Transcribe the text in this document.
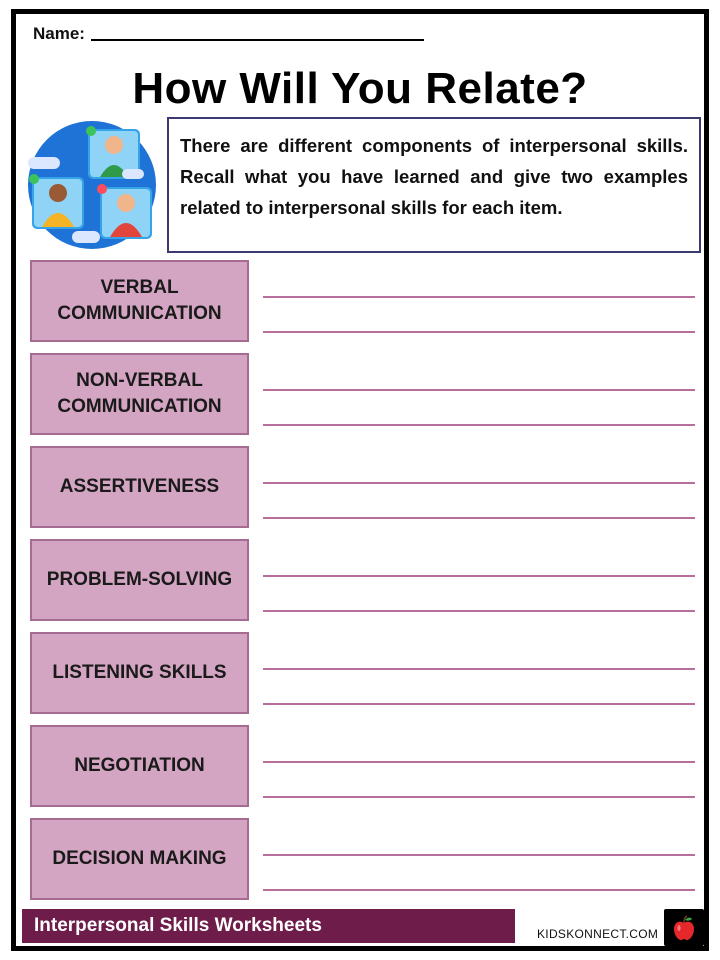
Name:
How Will You Relate?
There are different components of interpersonal skills. Recall what you have learned and give two examples related to interpersonal skills for each item.
VERBAL COMMUNICATION
NON-VERBAL COMMUNICATION
ASSERTIVENESS
PROBLEM-SOLVING
LISTENING SKILLS
NEGOTIATION
DECISION MAKING
Interpersonal Skills Worksheets	KIDSKONNECT.COM
